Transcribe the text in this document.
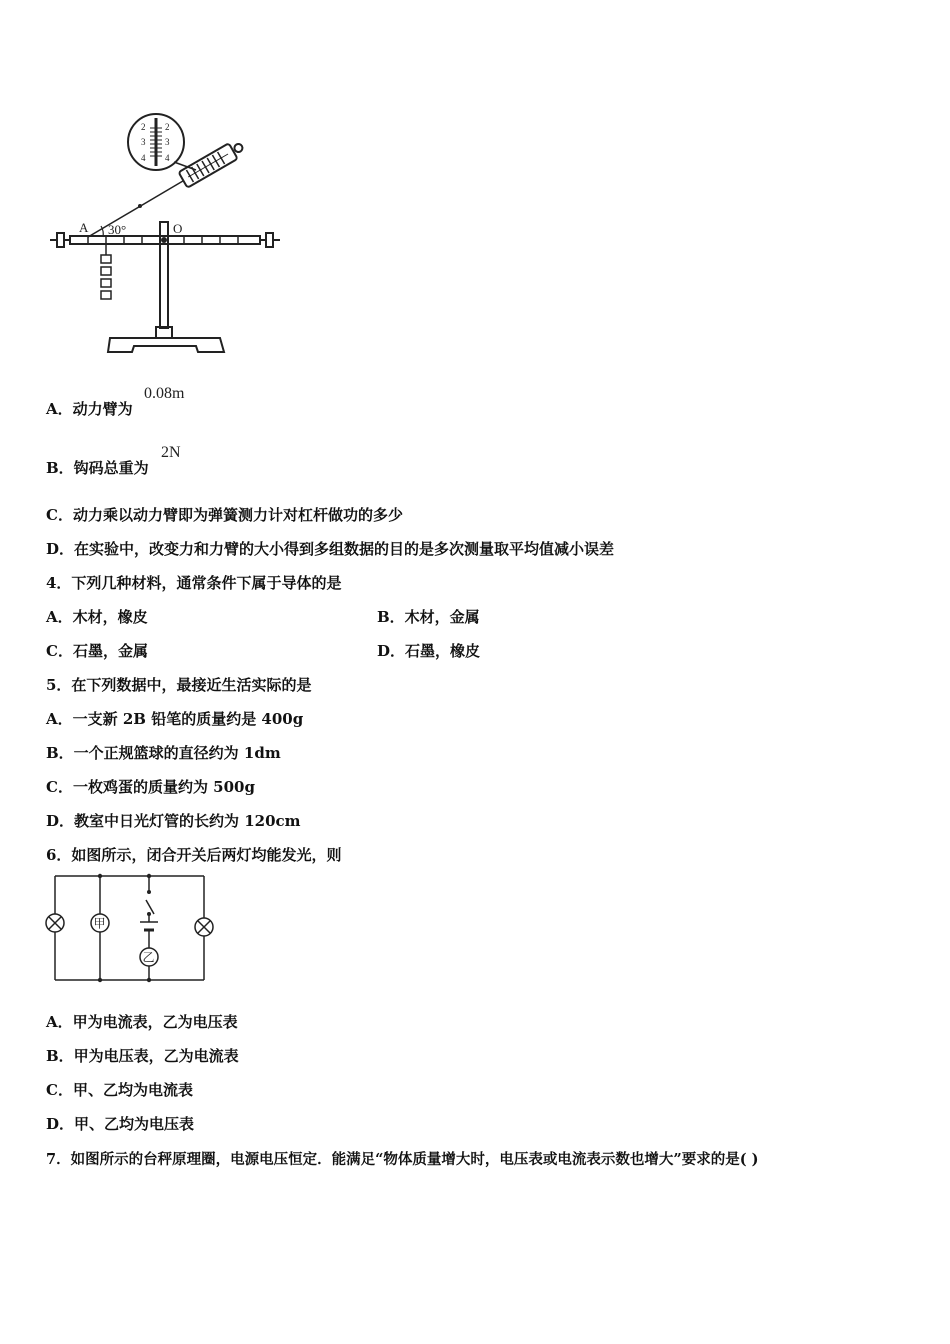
2
3
4
2
3
4
A 30°	O
A．动力臂为
0.08m
B．钩码总重为
2N
C．动力乘以动力臂即为弹簧测力计对杠杆做功的多少
D．在实验中，改变力和力臂的大小得到多组数据的目的是多次测量取平均值减小误差
4．下列几种材料，通常条件下属于导体的是
A．木材，橡皮	B．木材，金属
C．石墨，金属	D．石墨，橡皮
5．在下列数据中，最接近生活实际的是
A．一支新 2B 铅笔的质量约是 400g
B．一个正规篮球的直径约为 1dm
C．一枚鸡蛋的质量约为 500g
D．教室中日光灯管的长约为 120cm
6．如图所示，闭合开关后两灯均能发光，则
甲
乙
A．甲为电流表，乙为电压表
B．甲为电压表，乙为电流表
C．甲、乙均为电流表
D．甲、乙均为电压表
7．如图所示的台秤原理圈，电源电压恒定．能满足“物体质量增大时，电压表或电流表示数也增大”要求的是( )
